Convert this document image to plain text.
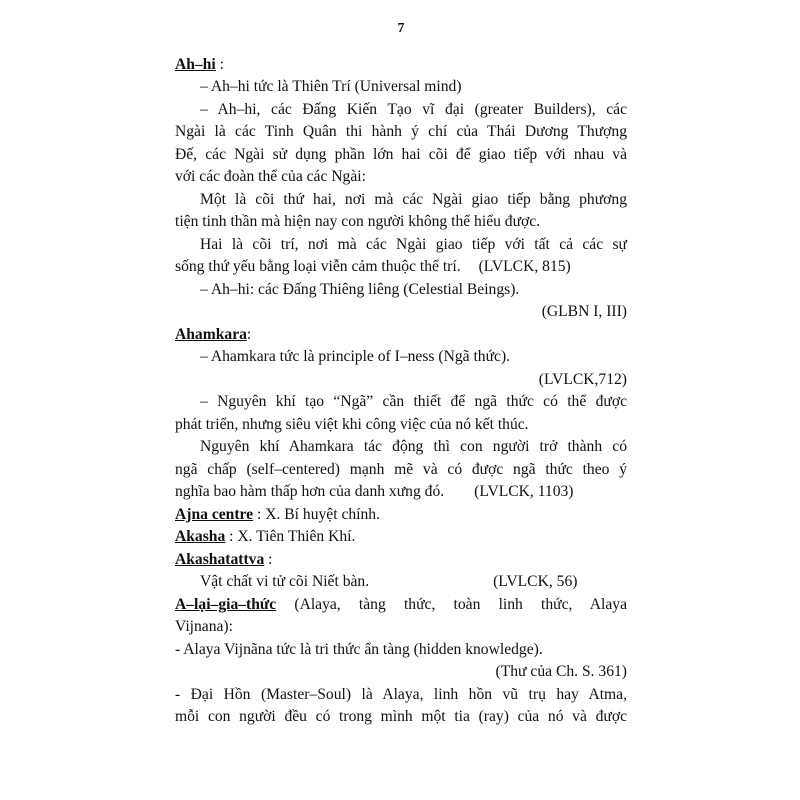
7
Ah–hi :
– Ah–hi tức là Thiên Trí (Universal mind)
– Ah–hi, các Đấng Kiến Tạo vĩ đại (greater Builders), các
Ngài là các Tinh Quân thi hành ý chí của Thái Dương Thượng
Đế, các Ngài sử dụng phần lớn hai cõi để giao tiếp với nhau và
với các đoàn thể của các Ngài:
Một là cõi thứ hai, nơi mà các Ngài giao tiếp bằng phương
tiện tinh thần mà hiện nay con người không thể hiểu được.
Hai là cõi trí, nơi mà các Ngài giao tiếp với tất cả các sự
sống thứ yếu bằng loại viễn cảm thuộc thể trí. (LVLCK, 815)
– Ah–hi: các Đấng Thiêng liêng (Celestial Beings).
(GLBN I, III)
Ahamkara:
– Ahamkara tức là principle of I–ness (Ngã thức).
(LVLCK,712)
– Nguyên khí tạo “Ngã” cần thiết để ngã thức có thể được
phát triển, nhưng siêu việt khi công việc của nó kết thúc.
Nguyên khí Ahamkara tác động thì con người trở thành có
ngã chấp (self–centered) mạnh mẽ và có được ngã thức theo ý
nghĩa bao hàm thấp hơn của danh xưng đó. (LVLCK, 1103)
Ajna centre : X. Bí huyệt chính.
Akasha : X. Tiên Thiên Khí.
Akashatattva :
Vật chất vi tử cõi Niết bàn.	(LVLCK, 56)
A–lại–gia–thức (Alaya, tàng thức, toàn linh thức, Alaya
Vijnana):
- Alaya Vijnãna tức là tri thức ẩn tàng (hidden knowledge).
(Thư của Ch. S. 361)
- Đại Hồn (Master–Soul) là Alaya, linh hồn vũ trụ hay Atma,
mỗi con người đều có trong mình một tia (ray) của nó và được
